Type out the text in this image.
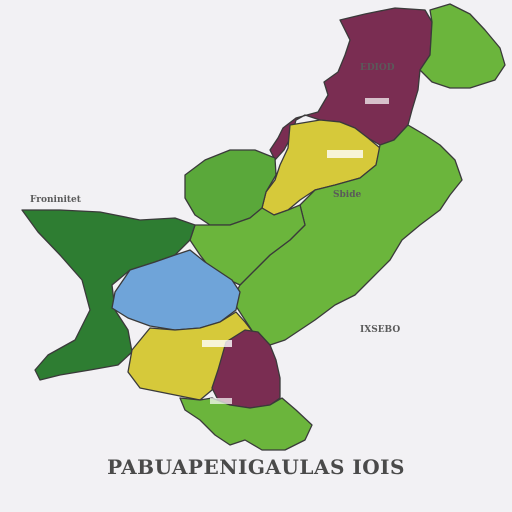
Froninitet
EDIOD
Sbide
IXSEBO
PABUAPENIGAULAS IOIS
